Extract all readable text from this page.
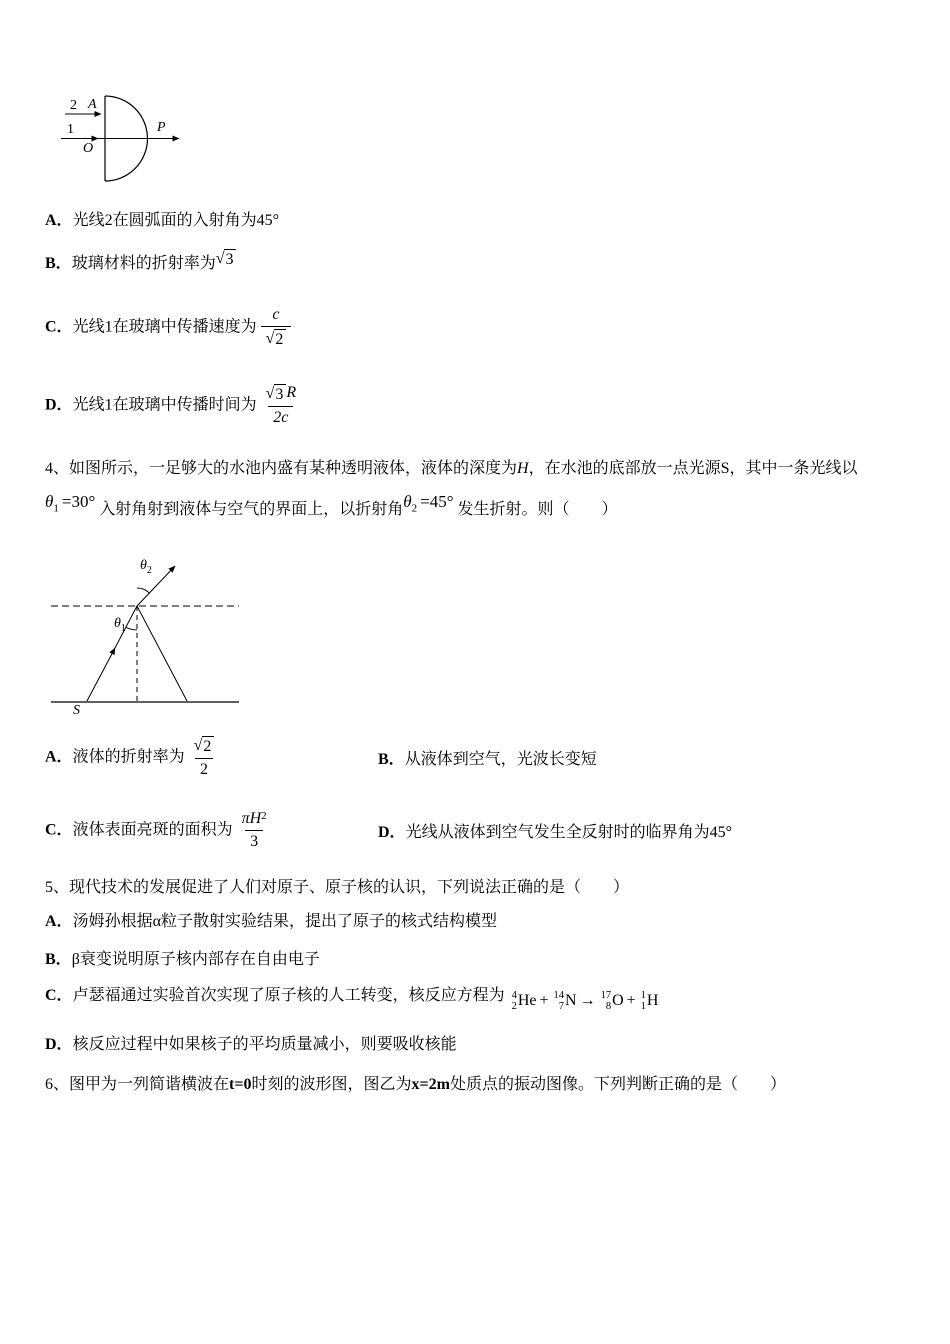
2 A
1
O
P
A．光线2在圆弧面的入射角为45°
B．玻璃材料的折射率为 √ 3
C．光线1在玻璃中传播速度为 $\frac{c}{√ 2}$
D．光线1在玻璃中传播时间为 $\frac{√ 3 R}{2c}$
4、如图所示，一足够大的水池内盛有某种透明液体，液体的深度为H，在水池的底部放一点光源S，其中一条光线以
$\theta_1 =30^\circ$ 入射角射到液体与空气的界面上，以折射角$\theta_2 =45^\circ$ 发生折射。则（　　）
$\theta_2$
$\theta_1$
S
A．液体的折射率为 $\frac{√ 2}{2}$	B．从液体到空气，光波长变短
C．液体表面亮斑的面积为 $\frac{\pi H 2}{3}$	D．光线从液体到空气发生全反射时的临界角为45°
5、现代技术的发展促进了人们对原子、原子核的认识，下列说法正确的是（　　）
A．汤姆孙根据α粒子散射实验结果，提出了原子的核式结构模型
B．β衰变说明原子核内部存在自由电子
C．卢瑟福通过实验首次实现了原子核的人工转变，核反应方程为 4
2 He + 14
7 N → 17
8 O + 1
1 H
D．核反应过程中如果核子的平均质量减小，则要吸收核能
6、图甲为一列简谐横波在t=0时刻的波形图，图乙为x=2m处质点的振动图像。下列判断正确的是（　　）
